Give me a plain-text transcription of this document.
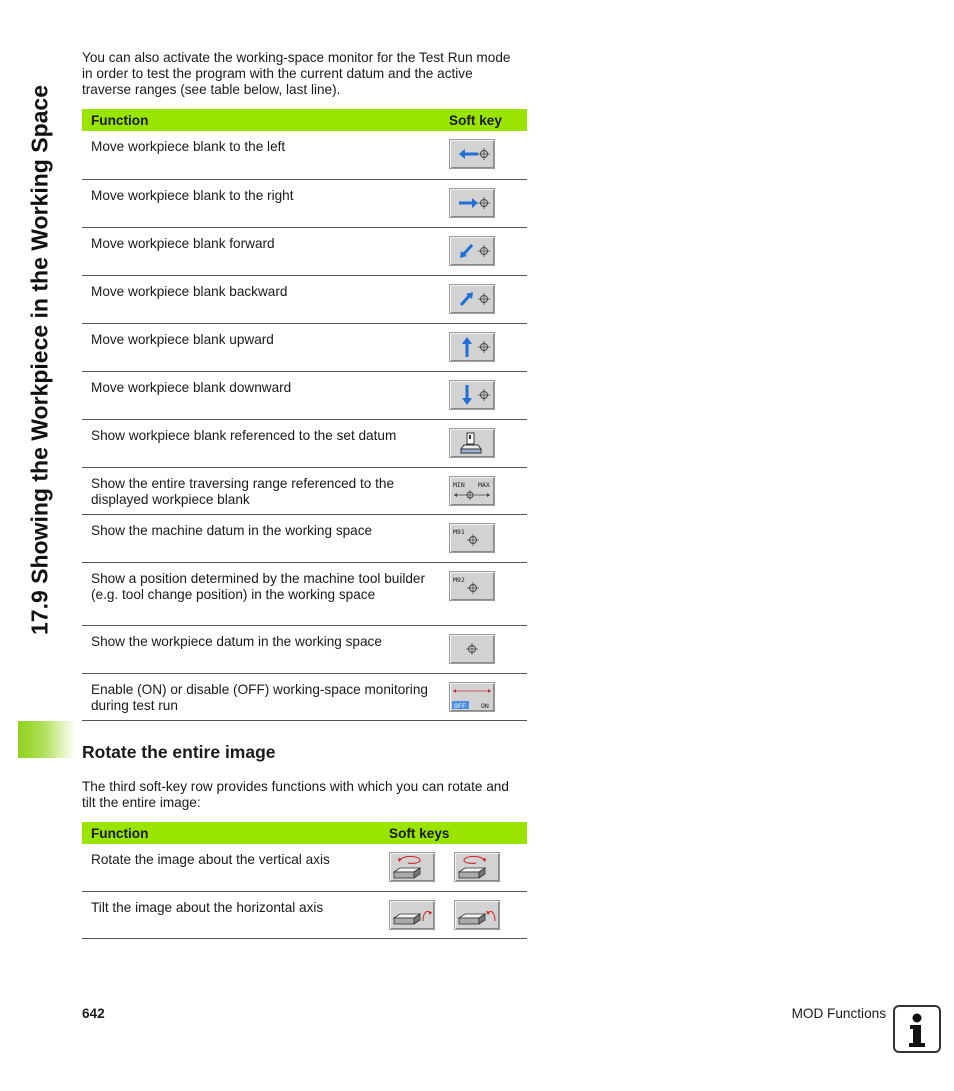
17.9 Showing the Workpiece in the Working Space

You can also activate the working-space monitor for the Test Run mode in order to test the program with the current datum and the active traverse ranges (see table below, last line).

Function	Soft key
Move workpiece blank to the left	

Move workpiece blank to the right	

Move workpiece blank forward	

Move workpiece blank backward	

Move workpiece blank upward	

Move workpiece blank downward	

Show workpiece blank referenced to the set datum	

Show the entire traversing range referenced to the displayed workpiece blank	MIN MAX

Show the machine datum in the working space	M91

Show a position determined by the machine tool builder (e.g. tool change position) in the working space	M92

Show the workpiece datum in the working space	

Enable (ON) or disable (OFF) working-space monitoring during test run	OFF ON
Rotate the entire image

The third soft-key row provides functions with which you can rotate and tilt the entire image:

Function	Soft keys	
Rotate the image about the vertical axis	

Tilt the image about the horizontal axis	

642	MOD Functions
